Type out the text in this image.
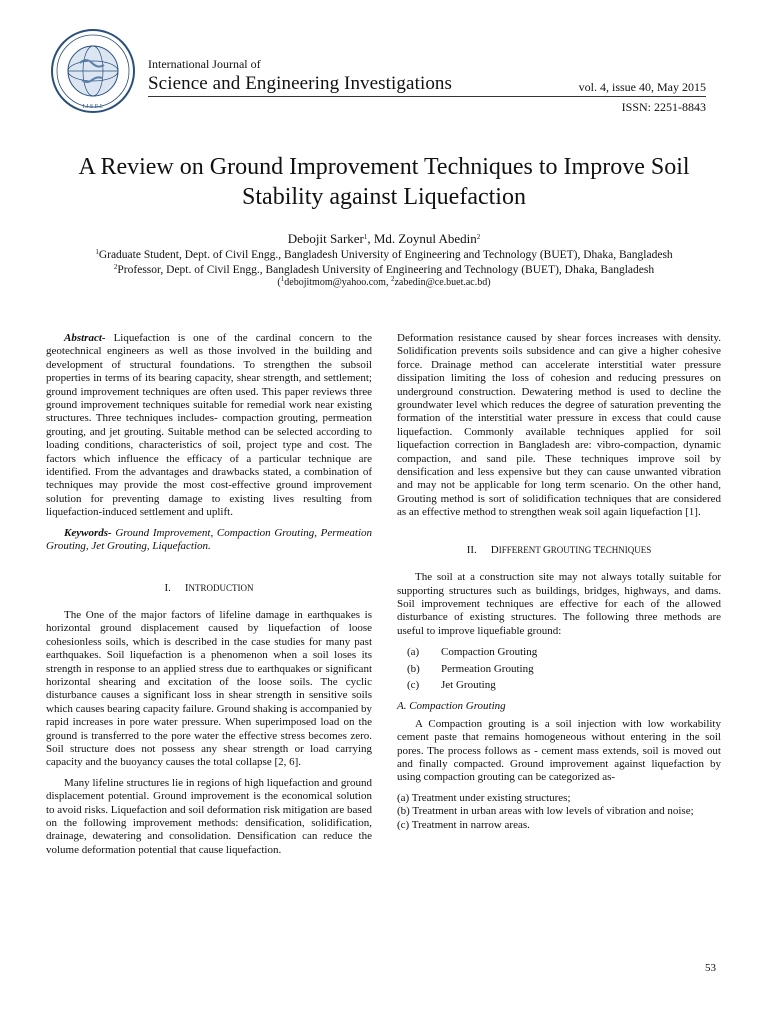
I.J.S.E.I.
International Journal of
Science and Engineering Investigations	vol. 4, issue 40, May 2015
ISSN: 2251-8843
A Review on Ground Improvement Techniques to Improve Soil Stability against Liquefaction
Debojit Sarker$^1$, Md. Zoynul Abedin$^2$
$^1$Graduate Student, Dept. of Civil Engg., Bangladesh University of Engineering and Technology (BUET), Dhaka, Bangladesh
$^2$Professor, Dept. of Civil Engg., Bangladesh University of Engineering and Technology (BUET), Dhaka, Bangladesh
($^1$debojitmom@yahoo.com, $^2$zabedin@ce.buet.ac.bd)

Abstract- Liquefaction is one of the cardinal concern to the geotechnical engineers as well as those involved in the building and development of structural foundations. To strengthen the subsoil properties in terms of its bearing capacity, shear strength, and settlement; ground improvement techniques are often used. This paper reviews three ground improvement techniques suitable for remedial work near existing structures. Three techniques includes- compaction grouting, permeation grouting, and jet grouting. Suitable method can be selected according to loading conditions, characteristics of soil, project type and cost. The factors which influence the efficacy of a particular technique are identified. From the advantages and drawbacks stated, a combination of techniques may provide the most cost-effective ground improvement solution for preventing damage to existing lives resulting from liquefaction-induced settlement and uplift.

Keywords- Ground Improvement, Compaction Grouting, Permeation Grouting, Jet Grouting, Liquefaction.

I. INTRODUCTION

The One of the major factors of lifeline damage in earthquakes is horizontal ground displacement caused by liquefaction of loose cohesionless soils, which is described in the case studies for many past earthquakes. Soil liquefaction is a phenomenon when a soil loses its strength in response to an applied stress due to earthquakes or significant horizontal shearing and excitation of the loose soils. The cyclic disturbance causes a significant loss in shear strength in sensitive soils which causes bearing capacity failure. Ground shaking is accompanied by rapid increases in pore water pressure. When superimposed load on the ground is transferred to the pore water the effective stress becomes zero. Soil structure does not possess any shear strength or load carrying capacity and the buoyancy causes the total collapse [2, 6].

Many lifeline structures lie in regions of high liquefaction and ground displacement potential. Ground improvement is the economical solution to avoid risks. Liquefaction and soil deformation risk mitigation are based on the following improvement methods: densification, solidification, drainage, dewatering and consolidation. Densification can reduce the volume deformation potential that cause liquefaction.

Deformation resistance caused by shear forces increases with density. Solidification prevents soils subsidence and can give a higher cohesive force. Drainage method can accelerate interstitial water pressure dissipation limiting the loss of cohesion and reducing pressures on underground construction. Dewatering method is used to decline the groundwater level which reduces the degree of saturation preventing the formation of the interstitial water pressure in excess that could cause liquefaction. Commonly available techniques applied for soil liquefaction correction in Bangladesh are: vibro-compaction, dynamic compaction, and sand pile. These techniques improve soil by densification and less expensive but they can cause unwanted vibration and may not be applicable for long term scenario. On the other hand, Grouting method is sort of solidification techniques that are considered as an effective method to strengthen weak soil again liquefaction [1].

II. DIFFERENT GROUTING TECHNIQUES

The soil at a construction site may not always totally suitable for supporting structures such as buildings, bridges, highways, and dams. Soil improvement techniques are effective for each of the allowed disturbance of existing structures. The following three methods are useful to improve liquefiable ground:

(a) Compaction Grouting
(b) Permeation Grouting
(c) Jet Grouting
A. Compaction Grouting

A Compaction grouting is a soil injection with low workability cement paste that remains homogeneous without entering in the soil pores. The process follows as - cement mass extends, soil is moved out and finally compacted. Ground improvement against liquefaction by using compaction grouting can be categorized as-

(a) Treatment under existing structures;

(b) Treatment in urban areas with low levels of vibration and noise;

(c) Treatment in narrow areas.

53
